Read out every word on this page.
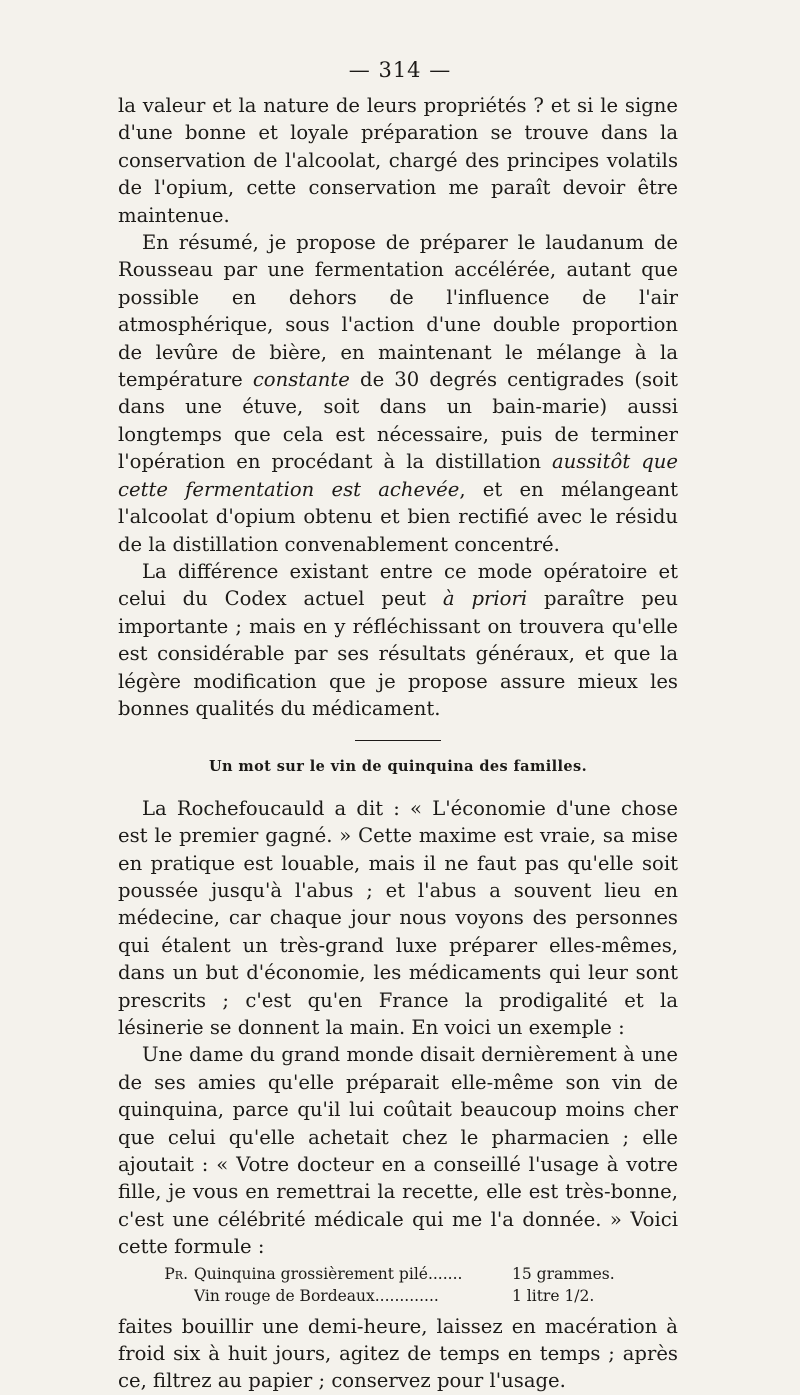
— 314 —

la valeur et la nature de leurs propriétés ? et si le signe d'une bonne et loyale préparation se trouve dans la conservation de l'alcoolat, chargé des principes volatils de l'opium, cette conservation me paraît devoir être maintenue.

En résumé, je propose de préparer le laudanum de Rousseau par une fermentation accélérée, autant que possible en dehors de l'influence de l'air atmosphérique, sous l'action d'une double proportion de levûre de bière, en maintenant le mélange à la température constante de 30 degrés centigrades (soit dans une étuve, soit dans un bain-marie) aussi longtemps que cela est nécessaire, puis de terminer l'opération en procédant à la distillation aussitôt que cette fermentation est achevée, et en mélangeant l'alcoolat d'opium obtenu et bien rectifié avec le résidu de la distillation convenablement concentré.

La différence existant entre ce mode opératoire et celui du Codex actuel peut à priori paraître peu importante ; mais en y réfléchissant on trouvera qu'elle est considérable par ses résultats généraux, et que la légère modification que je propose assure mieux les bonnes qualités du médicament.

Un mot sur le vin de quinquina des familles.

La Rochefoucauld a dit : « L'économie d'une chose est le premier gagné. » Cette maxime est vraie, sa mise en pratique est louable, mais il ne faut pas qu'elle soit poussée jusqu'à l'abus ; et l'abus a souvent lieu en médecine, car chaque jour nous voyons des personnes qui étalent un très-grand luxe préparer elles-mêmes, dans un but d'économie, les médicaments qui leur sont prescrits ; c'est qu'en France la prodigalité et la lésinerie se donnent la main. En voici un exemple :

Une dame du grand monde disait dernièrement à une de ses amies qu'elle préparait elle-même son vin de quinquina, parce qu'il lui coûtait beaucoup moins cher que celui qu'elle achetait chez le pharmacien ; elle ajoutait : « Votre docteur en a conseillé l'usage à votre fille, je vous en remettrai la recette, elle est très-bonne, c'est une célébrité médicale qui me l'a donnée. » Voici cette formule :

Pr. Quinquina grossièrement pilé.......	15 grammes.
Vin rouge de Bordeaux.............	1 litre 1/2.

faites bouillir une demi-heure, laissez en macération à froid six à huit jours, agitez de temps en temps ; après ce, filtrez au papier ; conservez pour l'usage.
